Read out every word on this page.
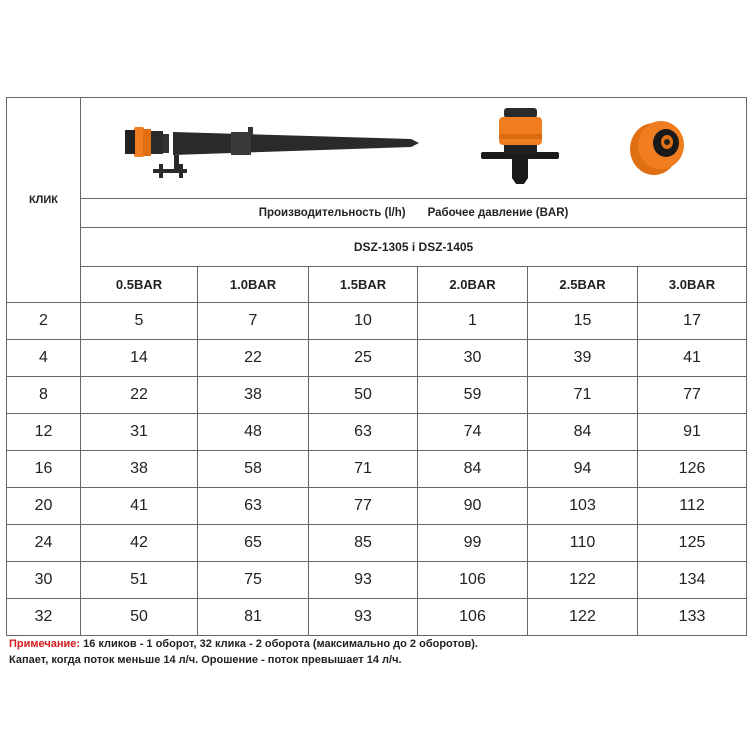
КЛИК	

	Производительность (l/h) Рабочее давление (BAR)					
	DSZ-1305 і DSZ-1405					
	0.5BAR	1.0BAR	1.5BAR	2.0BAR	2.5BAR	3.0BAR
2	5	7	10	1	15	17
4	14	22	25	30	39	41
8	22	38	50	59	71	77
12	31	48	63	74	84	91
16	38	58	71	84	94	126
20	41	63	77	90	103	112
24	42	65	85	99	110	125
30	51	75	93	106	122	134
32	50	81	93	106	122	133
Примечание: 16 кликов - 1 оборот, 32 клика - 2 оборота (максимально до 2 оборотов).
Капает, когда поток меньше 14 л/ч. Орошение - поток превышает 14 л/ч.
